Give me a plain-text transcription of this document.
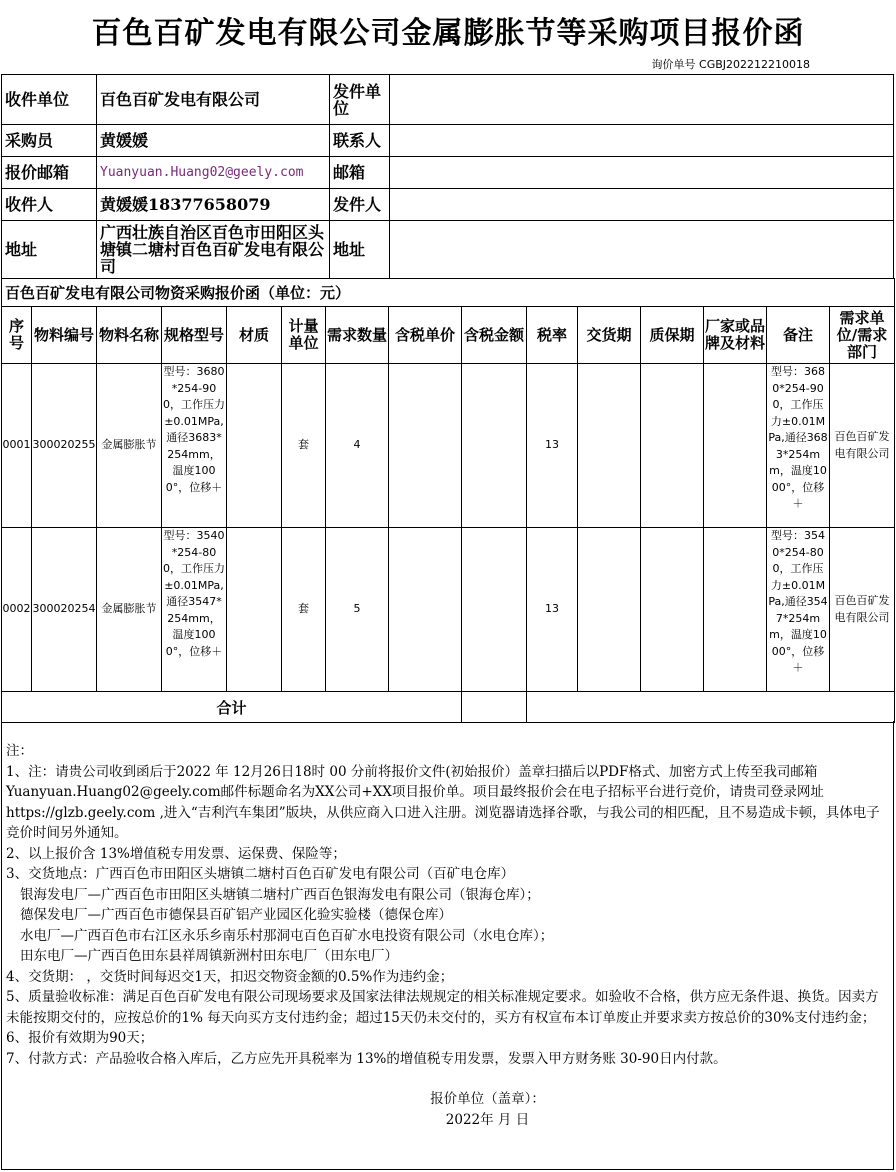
百色百矿发电有限公司金属膨胀节等采购项目报价函
询价单号 CGBJ202212210018
收件单位	百色百矿发电有限公司	发件单位	
采购员	黄媛媛	联系人	
报价邮箱	Yuanyuan.Huang02@geely.com	邮箱	
收件人	黄媛媛18377658079	发件人	
地址	广西壮族自治区百色市田阳区头塘镇二塘村百色百矿发电有限公司	地址	
百色百矿发电有限公司物资采购报价函（单位：元）														
序号	物料编号	物料名称	规格型号	材质	计量单位	需求数量	含税单价	含税金额	税率	交货期	质保期	厂家或品牌及材料	备注	需求单位/需求部门
0001	300020255	金属膨胀节	型号：3680*254-900，工作压力±0.01MPa,通径3683*254mm，温度1000°，位移＋		套	4			13				型号：3680*254-900，工作压力±0.01MPa,通径3683*254mm，温度1000°，位移＋	百色百矿发电有限公司
0002	300020254	金属膨胀节	型号：3540*254-800，工作压力±0.01MPa,通径3547*254mm，温度1000°，位移＋		套	5			13				型号：3540*254-800，工作压力±0.01MPa,通径3547*254mm，温度1000°，位移＋	百色百矿发电有限公司
合计														

注：

1、注：请贵公司收到函后于2022 年 12月26日18时 00 分前将报价文件(初始报价）盖章扫描后以PDF格式、加密方式上传至我司邮箱Yuanyuan.Huang02@geely.com邮件标题命名为XX公司+XX项目报价单。项目最终报价会在电子招标平台进行竞价，请贵司登录网址https://glzb.geely.com ,进入“吉利汽车集团”版块，从供应商入口进入注册。浏览器请选择谷歌，与我公司的相匹配，且不易造成卡顿，具体电子竞价时间另外通知。

2、以上报价含 13%增值税专用发票、运保费、保险等；

3、交货地点：广西百色市田阳区头塘镇二塘村百色百矿发电有限公司（百矿电仓库）

银海发电厂—广西百色市田阳区头塘镇二塘村广西百色银海发电有限公司（银海仓库）；

德保发电厂—广西百色市德保县百矿铝产业园区化验实验楼（德保仓库）

水电厂—广西百色市右江区永乐乡南乐村那洞屯百色百矿水电投资有限公司（水电仓库）；

田东电厂—广西百色田东县祥周镇新洲村田东电厂（田东电厂）

4、交货期： ，交货时间每迟交1天，扣迟交物资金额的0.5%作为违约金；

5、质量验收标准：满足百色百矿发电有限公司现场要求及国家法律法规规定的相关标准规定要求。如验收不合格，供方应无条件退、换货。因卖方未能按期交付的，应按总价的1% 每天向买方支付违约金；超过15天仍未交付的，买方有权宣布本订单废止并要求卖方按总价的30%支付违约金；

6、报价有效期为90天；

7、付款方式：产品验收合格入库后，乙方应先开具税率为 13%的增值税专用发票，发票入甲方财务账 30-90日内付款。

报价单位（盖章）：

2022年 月 日
